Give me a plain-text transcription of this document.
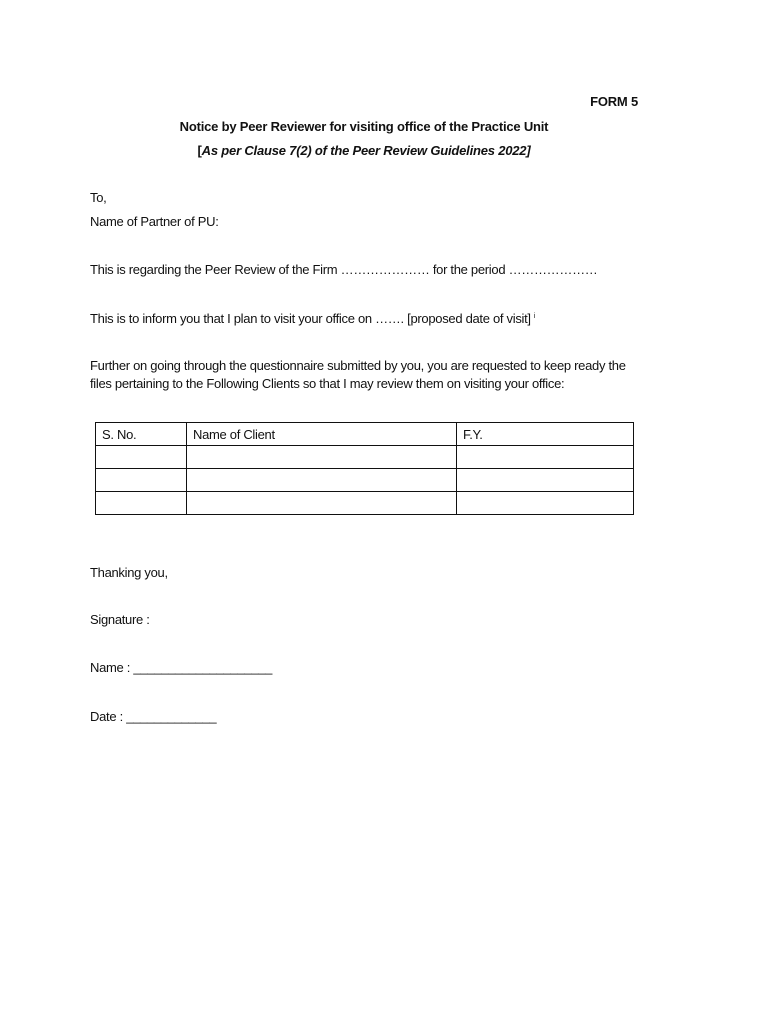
FORM 5
Notice by Peer Reviewer for visiting office of the Practice Unit
[As per Clause 7(2) of the Peer Review Guidelines 2022]
To,
Name of Partner of PU:
This is regarding the Peer Review of the Firm ………………… for the period …………………
This is to inform you that I plan to visit your office on ……. [proposed date of visit] $^i$
Further on going through the questionnaire submitted by you, you are requested to keep ready the files pertaining to the Following Clients so that I may review them on visiting your office:
S. No.	Name of Client	F.Y.

Thanking you,
Signature :
Name : ____________________
Date : _____________
